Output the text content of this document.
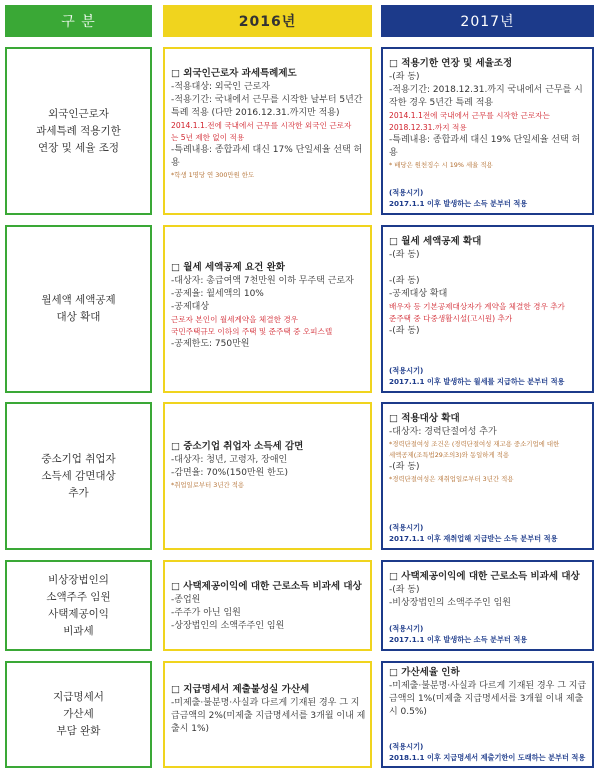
구 분	2016년	2017년
외국인근로자
과세특례 적용기한
연장 및 세율 조정
□ 외국인근로자 과세특례제도
-적용대상: 외국인 근로자
-적용기간: 국내에서 근무를 시작한 날부터 5년간 특례 적용 (다만 2016.12.31.까지만 적용)
2014.1.1.전에 국내에서 근무를 시작한 외국인 근로자
는 5년 제한 없이 적용
-특례내용: 종합과세 대신 17% 단일세율 선택 허용
*학생 1명당 연 300만원 한도
□ 적용기한 연장 및 세율조정
-(좌 동)
-적용기간: 2018.12.31.까지 국내에서 근무를 시작한 경우 5년간 특례 적용
2014.1.1전에 국내에서 근무를 시작한 근로자는
2018.12.31.까지 적용
-특례내용: 종합과세 대신 19% 단일세율 선택 허용
* 배당은 원천징수 시 19% 세율 적용
(적용시기)
2017.1.1 이후 발생하는 소득 분부터 적용
월세액 세액공제
대상 확대
□ 월세 세액공제 요건 완화
-대상자: 총급여액 7천만원 이하 무주택 근로자
-공제율: 월세액의 10%
-공제대상
근로자 본인이 월세계약을 체결한 경우
국민주택규모 이하의 주택 및 준주택 중 오피스텔
-공제한도: 750만원
□ 월세 세액공제 확대
-(좌 동)
-(좌 동)
-공제대상 확대
배우자 등 기본공제대상자가 계약을 체결한 경우 추가
준주택 중 다중생활시설(고시원) 추가
-(좌 동)
(적용시기)
2017.1.1 이후 발생하는 월세를 지급하는 분부터 적용
중소기업 취업자
소득세 감면대상
추가
□ 중소기업 취업자 소득세 감면
-대상자: 청년, 고령자, 장애인
-감면율: 70%(150만원 한도)
*취업일로부터 3년간 적용
□ 적용대상 확대
-대상자: 경력단절여성 추가
*경력단절여성 조건은 (경력단절여성 재고용 중소기업에 대한
세액공제(조특법29조의3)와 동일하게 적용
-(좌 동)
*경력단절여성은 재취업일로부터 3년간 적용
(적용시기)
2017.1.1 이후 재취업해 지급받는 소득 분부터 적용
비상장법인의
소액주주 임원
사택제공이익
비과세
□ 사택제공이익에 대한 근로소득 비과세 대상
-종업원
-주주가 아닌 임원
-상장법인의 소액주주인 임원
□ 사택제공이익에 대한 근로소득 비과세 대상
-(좌 동)
-비상장법인의 소액주주인 임원
(적용시기)
2017.1.1 이후 발생하는 소득 분부터 적용
지급명세서
가산세
부담 완화
□ 지급명세서 제출불성실 가산세
-미제출·불분명·사실과 다르게 기재된 경우 그 지급금액의 2%(미제출 지급명세서를 3개월 이내 제출시 1%)
□ 가산세율 인하
-미제출·불분명·사실과 다르게 기재된 경우 그 지급금액의 1%(미제출 지급명세서를 3개월 이내 제출시 0.5%)
(적용시기)
2018.1.1 이후 지급명세서 제출기한이 도래하는 분부터 적용
